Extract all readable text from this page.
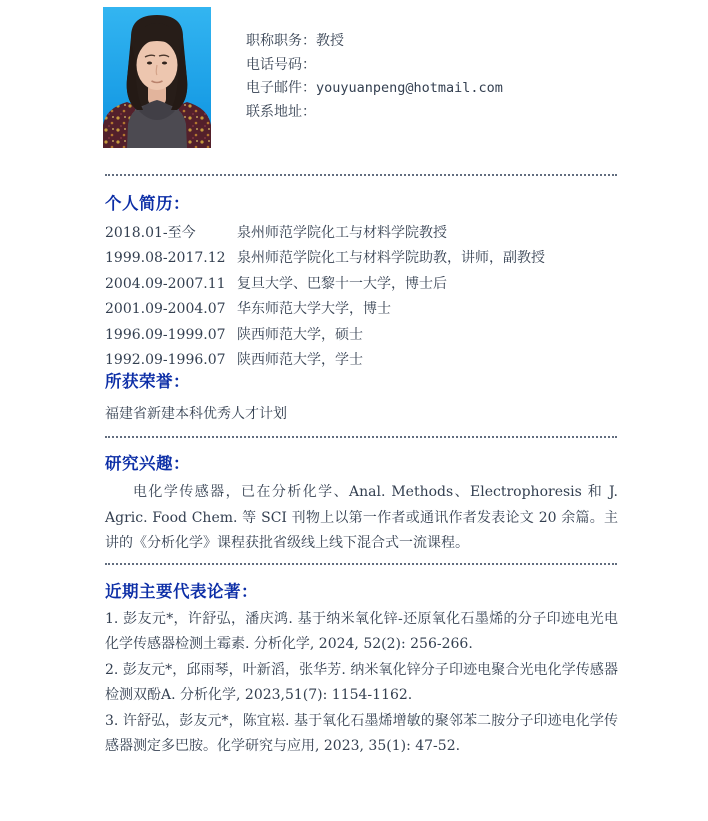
职称职务：教授
电话号码：
电子邮件：youyuanpeng@hotmail.com
联系地址：
个人简历：
2018.01-至今	泉州师范学院化工与材料学院教授
1999.08-2017.12 泉州师范学院化工与材料学院助教，讲师，副教授
2004.09-2007.11 复旦大学、巴黎十一大学，博士后
2001.09-2004.07 华东师范大学大学，博士
1996.09-1999.07 陕西师范大学，硕士
1992.09-1996.07 陕西师范大学，学士
所获荣誉：
福建省新建本科优秀人才计划
研究兴趣：

电化学传感器，已在分析化学、Anal. Methods、Electrophoresis 和 J. Agric. Food Chem. 等 SCI 刊物上以第一作者或通讯作者发表论文 20 余篇。主讲的《分析化学》课程获批省级线上线下混合式一流课程。

近期主要代表论著：

1. 彭友元*，许舒弘，潘庆鸿. 基于纳米氧化锌-还原氧化石墨烯的分子印迹电光电化学传感器检测土霉素. 分析化学, 2024, 52(2): 256-266.

2. 彭友元*，邱雨琴，叶新滔，张华芳. 纳米氧化锌分子印迹电聚合光电化学传感器检测双酚A. 分析化学, 2023,51(7): 1154-1162.

3. 许舒弘，彭友元*，陈宜崧. 基于氧化石墨烯增敏的聚邻苯二胺分子印迹电化学传感器测定多巴胺。化学研究与应用, 2023, 35(1): 47-52.
